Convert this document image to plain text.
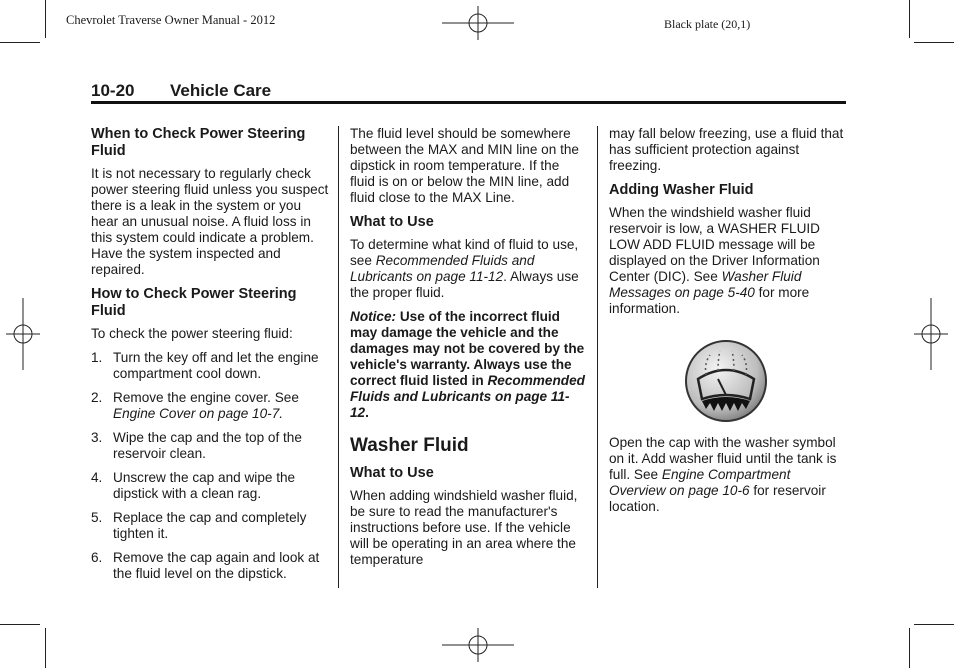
Chevrolet Traverse Owner Manual - 2012	Black plate (20,1)
10-20 Vehicle Care
When to Check Power Steering Fluid

It is not necessary to regularly check power steering fluid unless you suspect there is a leak in the system or you hear an unusual noise. A fluid loss in this system could indicate a problem. Have the system inspected and repaired.

How to Check Power Steering Fluid

To check the power steering fluid:

1. Turn the key off and let the engine compartment cool down.
2. Remove the engine cover. See Engine Cover on page 10-7.
3. Wipe the cap and the top of the reservoir clean.
4. Unscrew the cap and wipe the dipstick with a clean rag.
5. Replace the cap and completely tighten it.
6. Remove the cap again and look at the fluid level on the dipstick.

The fluid level should be somewhere between the MAX and MIN line on the dipstick in room temperature. If the fluid is on or below the MIN line, add fluid close to the MAX Line.

What to Use

To determine what kind of fluid to use, see Recommended Fluids and Lubricants on page 11-12. Always use the proper fluid.

Notice: Use of the incorrect fluid may damage the vehicle and the damages may not be covered by the vehicle's warranty. Always use the correct fluid listed in Recommended Fluids and Lubricants on page 11-12.

Washer Fluid
What to Use

When adding windshield washer fluid, be sure to read the manufacturer's instructions before use. If the vehicle will be operating in an area where the temperature

may fall below freezing, use a fluid that has sufficient protection against freezing.

Adding Washer Fluid

When the windshield washer fluid reservoir is low, a WASHER FLUID LOW ADD FLUID message will be displayed on the Driver Information Center (DIC). See Washer Fluid Messages on page 5-40 for more information.

Open the cap with the washer symbol on it. Add washer fluid until the tank is full. See Engine Compartment Overview on page 10-6 for reservoir location.
